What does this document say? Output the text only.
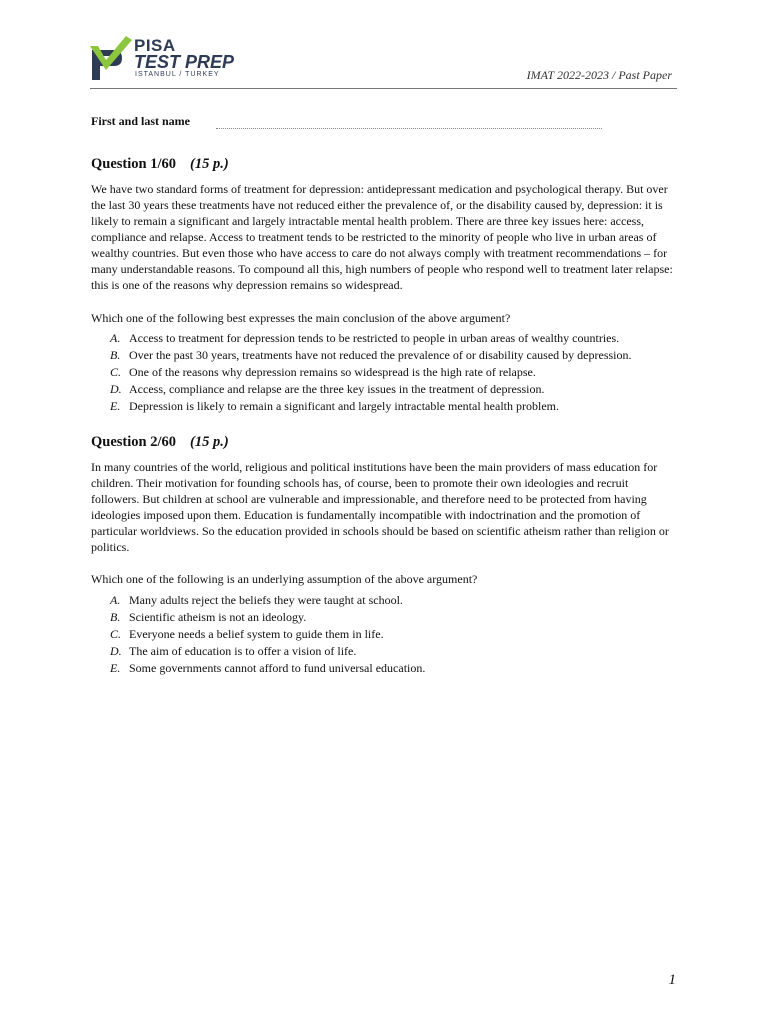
PISA
TEST PREP
ISTANBUL / TURKEY	IMAT 2022-2023 / Past Paper
First and last name
Question 1/60 (15 p.)

We have two standard forms of treatment for depression: antidepressant medication and psychological therapy. But over the last 30 years these treatments have not reduced either the prevalence of, or the disability caused by, depression: it is likely to remain a significant and largely intractable mental health problem. There are three key issues here: access, compliance and relapse. Access to treatment tends to be restricted to the minority of people who live in urban areas of wealthy countries. But even those who have access to care do not always comply with treatment recommendations – for many understandable reasons. To compound all this, high numbers of people who respond well to treatment later relapse: this is one of the reasons why depression remains so widespread.

Which one of the following best expresses the main conclusion of the above argument?
A. Access to treatment for depression tends to be restricted to people in urban areas of wealthy countries.
B. Over the past 30 years, treatments have not reduced the prevalence of or disability caused by depression.
C. One of the reasons why depression remains so widespread is the high rate of relapse.
D. Access, compliance and relapse are the three key issues in the treatment of depression.
E. Depression is likely to remain a significant and largely intractable mental health problem.
Question 2/60 (15 p.)

In many countries of the world, religious and political institutions have been the main providers of mass education for children. Their motivation for founding schools has, of course, been to promote their own ideologies and recruit followers. But children at school are vulnerable and impressionable, and therefore need to be protected from having ideologies imposed upon them. Education is fundamentally incompatible with indoctrination and the promotion of particular worldviews. So the education provided in schools should be based on scientific atheism rather than religion or politics.

Which one of the following is an underlying assumption of the above argument?
A. Many adults reject the beliefs they were taught at school.
B. Scientific atheism is not an ideology.
C. Everyone needs a belief system to guide them in life.
D. The aim of education is to offer a vision of life.
E. Some governments cannot afford to fund universal education.
1
